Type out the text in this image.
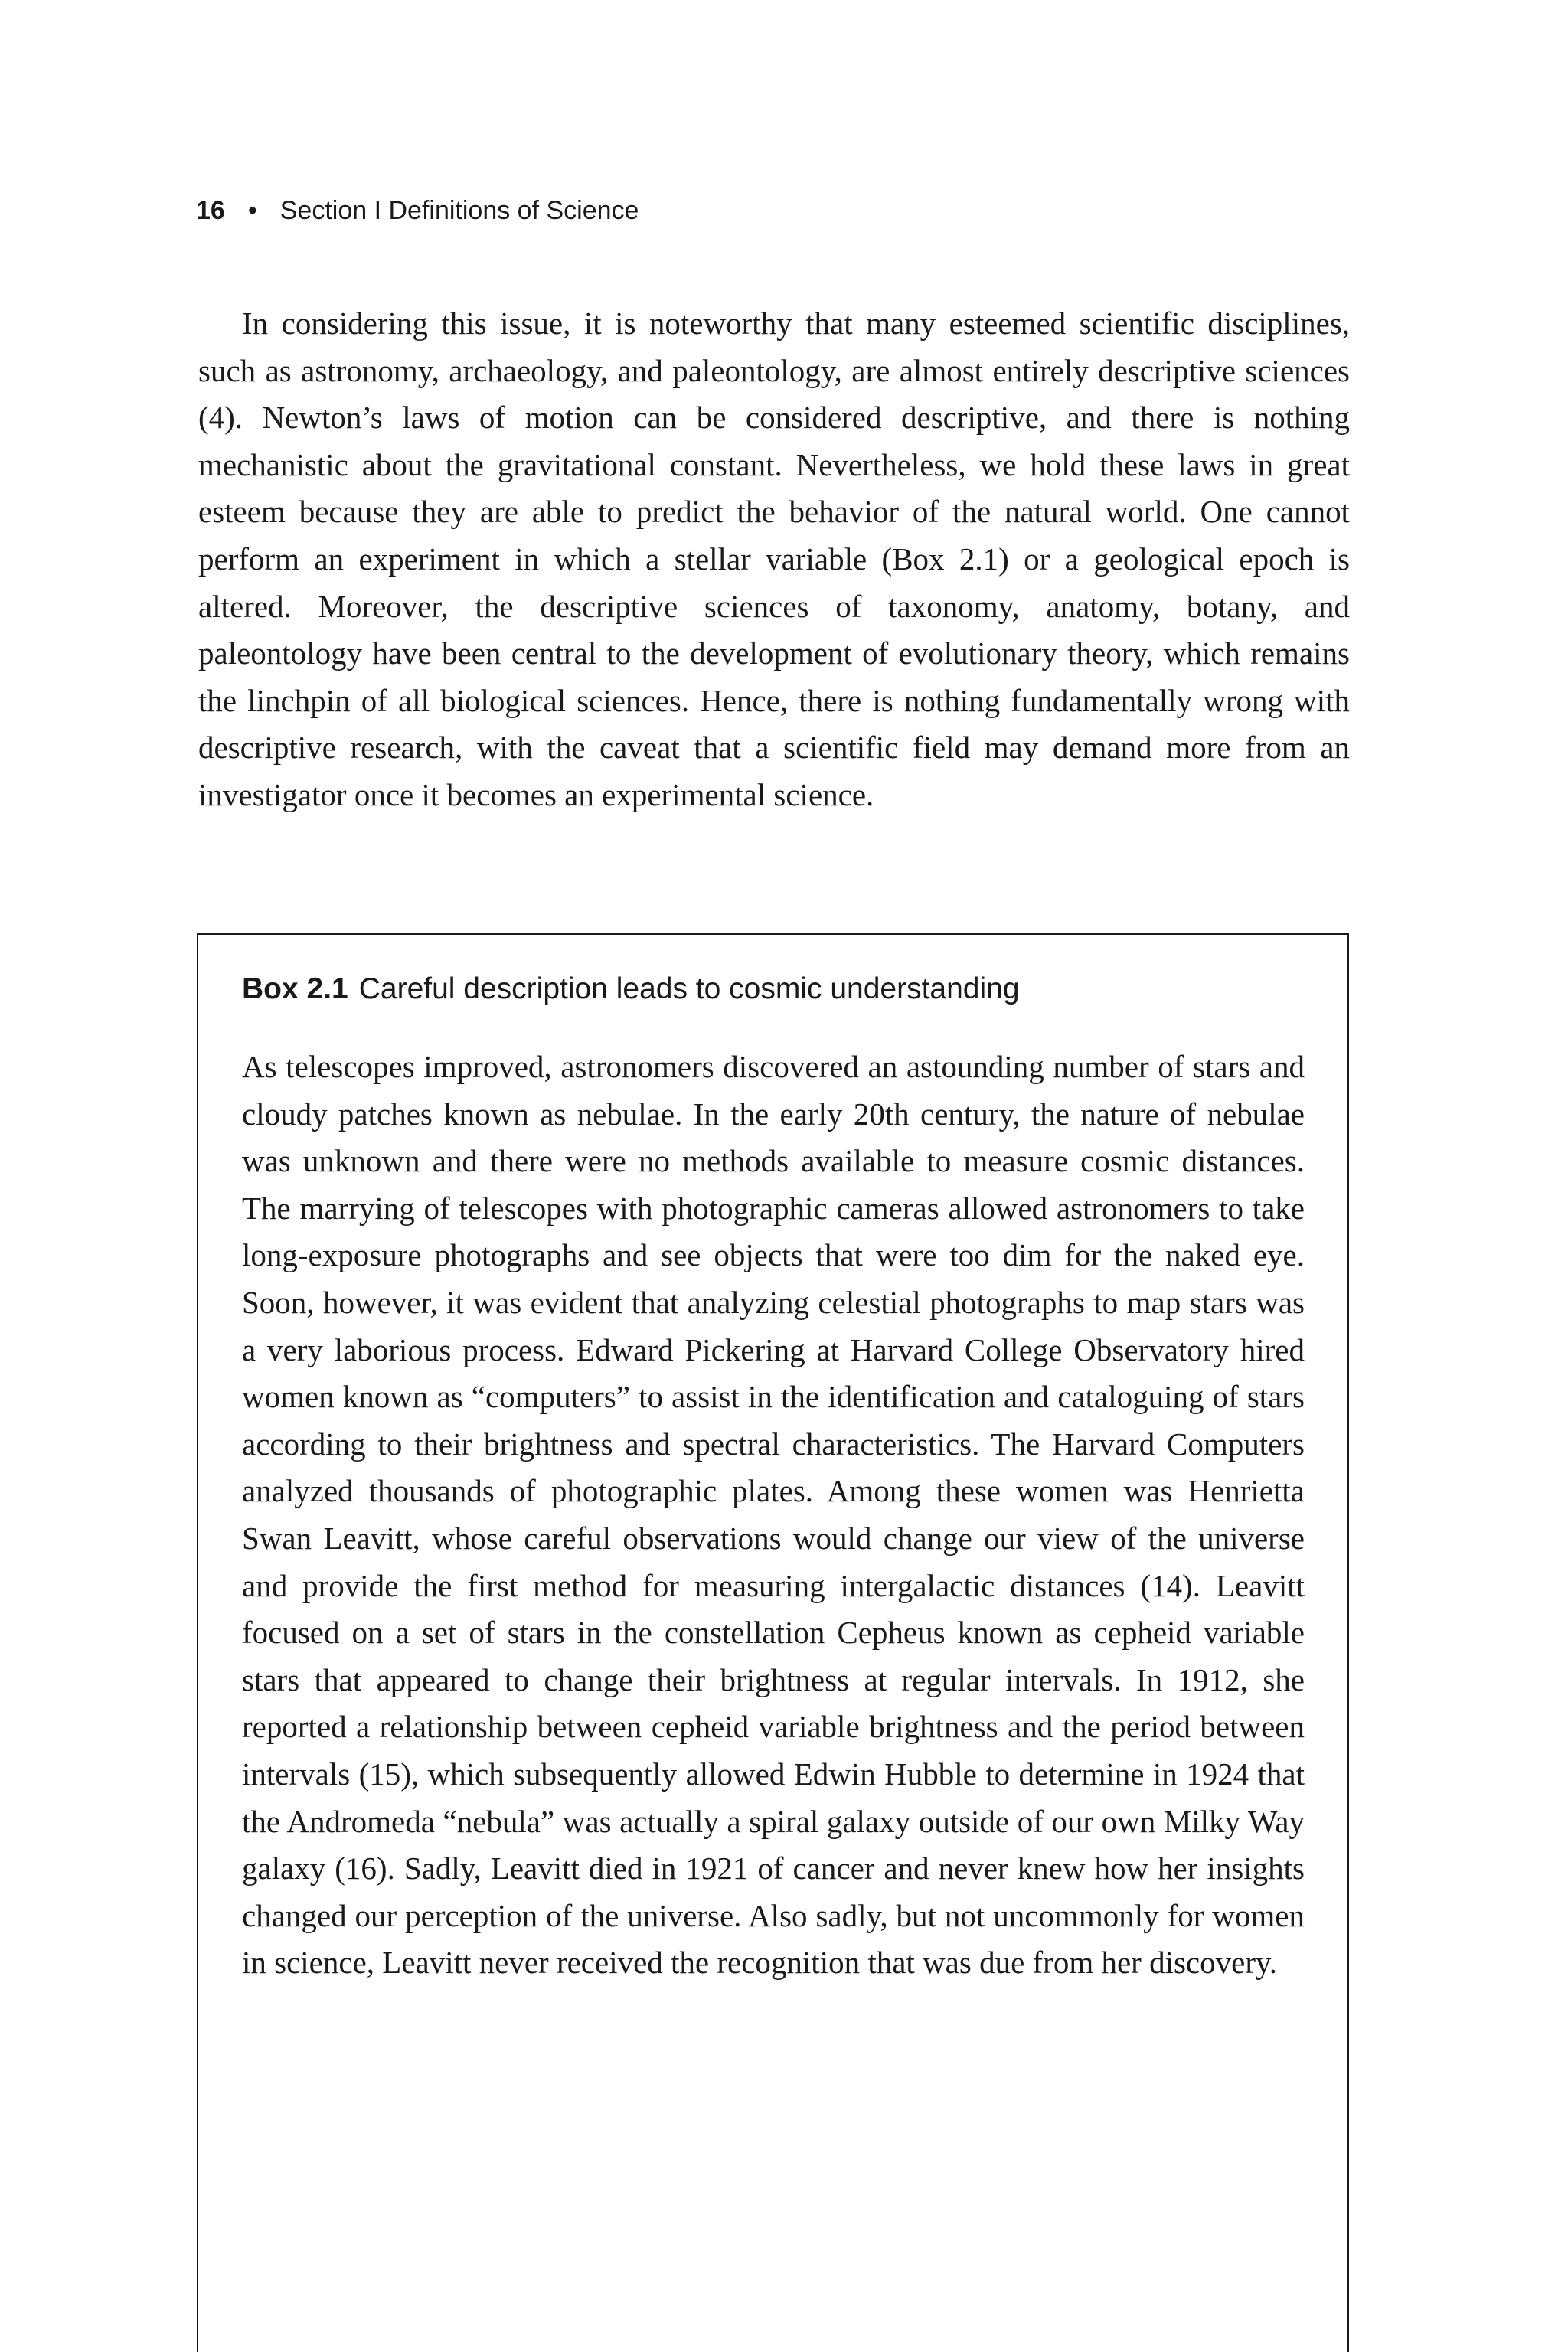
16 • Section I Definitions of Science

In considering this issue, it is noteworthy that many esteemed scientific disciplines, such as astronomy, archaeology, and paleontology, are almost entirely descriptive sciences (4). Newton’s laws of motion can be considered descriptive, and there is nothing mechanistic about the gravitational constant. Nevertheless, we hold these laws in great esteem because they are able to predict the behavior of the natural world. One cannot perform an experiment in which a stellar variable (Box 2.1) or a geological epoch is altered. Moreover, the descriptive sciences of taxonomy, anatomy, botany, and paleontology have been central to the development of evolutionary theory, which remains the linchpin of all biological sciences. Hence, there is nothing fundamentally wrong with descriptive research, with the caveat that a scientific field may demand more from an investigator once it becomes an experimental science.

Box 2.1 Careful description leads to cosmic understanding

As telescopes improved, astronomers discovered an astounding number of stars and cloudy patches known as nebulae. In the early 20th century, the nature of nebulae was unknown and there were no methods available to measure cosmic distances. The marrying of telescopes with photographic cameras allowed astronomers to take long-exposure photographs and see objects that were too dim for the naked eye. Soon, however, it was evident that analyzing celestial photographs to map stars was a very laborious process. Edward Pickering at Harvard College Observatory hired women known as “computers” to assist in the identification and cataloguing of stars according to their brightness and spectral characteristics. The Harvard Computers analyzed thousands of photographic plates. Among these women was Henrietta Swan Leavitt, whose careful observations would change our view of the universe and provide the first method for measuring intergalactic distances (14). Leavitt focused on a set of stars in the constellation Cepheus known as cepheid variable stars that appeared to change their brightness at regular intervals. In 1912, she reported a relationship between cepheid variable brightness and the period between intervals (15), which subsequently allowed Edwin Hubble to determine in 1924 that the Andromeda “nebula” was actually a spiral galaxy outside of our own Milky Way galaxy (16). Sadly, Leavitt died in 1921 of cancer and never knew how her insights changed our perception of the universe. Also sadly, but not uncommonly for women in science, Leavitt never received the recognition that was due from her discovery.
